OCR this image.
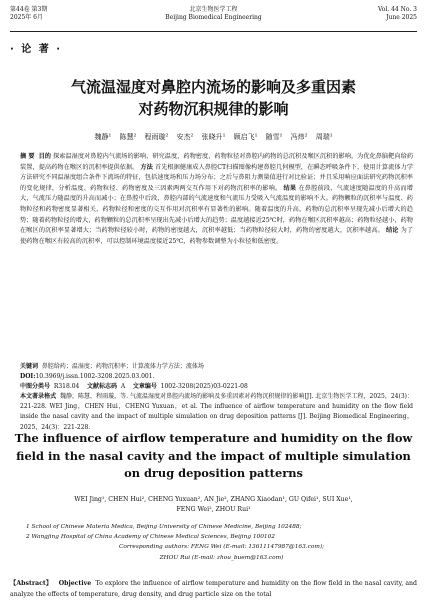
第44卷 第3期
2025年 6月
北京生物医学工程
Beijing Biomedical Engineering
Vol. 44 No. 3
June 2025
· 论 著 ·
气流温湿度对鼻腔内流场的影响及多重因素
对药物沉积规律的影响
魏静¹ 陈慧² 程雨璇² 安杰² 张晓升¹ 顾启飞¹ 随雪¹ 冯炜² 周瑞¹
摘 要 目的 探索温湿度对鼻腔内气流场的影响，研究温度、药物密度、药物粒径对鼻腔内药物的总沉积及喉区沉积的影响，为优化鼻脑靶向给药装置，提高药物在喉区的沉积率提供依据。 方法 首先根据健康成人鼻腔CT扫描图像构建鼻腔几何模型，在瞬态呼吸条件下，使用计算流体力学方法研究不同温湿度组合条件下流场的特征，包括速度场和压力场分布；之后与鼻阻力测量值进行对比验证；并且采用响应面法研究药物沉积率的变化规律，分析温度、药物粒径、药物密度及三因素两两交互作用下对药物沉积率的影响。 结果 在鼻腔前段，气流速度随温度的升高而增大，气流压力随温度的升高而减小；在鼻腔中后段，鼻腔内部的气流速度和气流压力受吸入气流温度的影响不大。药物颗粒的沉积率与温度、药物粒径和药物密度显著相关，药物粒径和密度的交互作用对沉积率有显著性的影响。随着温度的升高，药物的总沉积率呈现先减小后增大的趋势；随着药物粒径的增大，药物颗粒的总沉积率呈现出先减小后增大的趋势；温度越接近25℃时，药物在喉区沉积率越高；药物粒径越小，药物在喉区的沉积率显著增大；当药物粒径较小时，药物的密度越大，沉积率越低；当药物粒径较大时，药物的密度越大，沉积率越高。 结论 为了使药物在喉区有较高的沉积率，可以控制环境温度接近25℃，药物参数调整为小粒径和低密度。
关键词 鼻腔给药；温湿度；药物沉积率；计算流体力学方法；流体场
DOI:10.3969/j.issn.1002-3208.2025.03.001.
中图分类号 R318.04 文献标志码 A 文章编号 1002-3208(2025)03-0221-08
本文著录格式 魏静，陈慧，程雨璇，等. 气流温湿度对鼻腔内流场的影响及多重因素对药物沉积规律的影响[J]. 北京生物医学工程，2025，24(3)：221-228. WEI Jing，CHEN Hui，CHENG Yuxuan，et al. The influence of airflow temperature and humidity on the flow field inside the nasal cavity and the impact of multiple simulation on drug deposition patterns [J]. Beijing Biomedical Engineering，2025，24(3)：221-228.
The influence of airflow temperature and humidity on the flow
field in the nasal cavity and the impact of multiple simulation
on drug deposition patterns
WEI Jing¹, CHEN Hui², CHENG Yuxuan², AN Jie², ZHANG Xiaodan¹, GU Qifei¹, SUI Xue¹,
FENG Wei², ZHOU Rui¹
1 School of Chinese Materia Medica, Beijing University of Chinese Medicine, Beijing 102488;
2 Wangjing Hospital of China Academy of Chinese Medical Sciences, Beijing 100102
Corresponding authors: FENG Wei (E-mail: 13611147987@163.com);
ZHOU Rui (E-mail: zhou_buem@163.com)
【Abstract】 Objective To explore the influence of airflow temperature and humidity on the flow field in the nasal cavity, and analyze the effects of temperature, drug density, and drug particle size on the total
